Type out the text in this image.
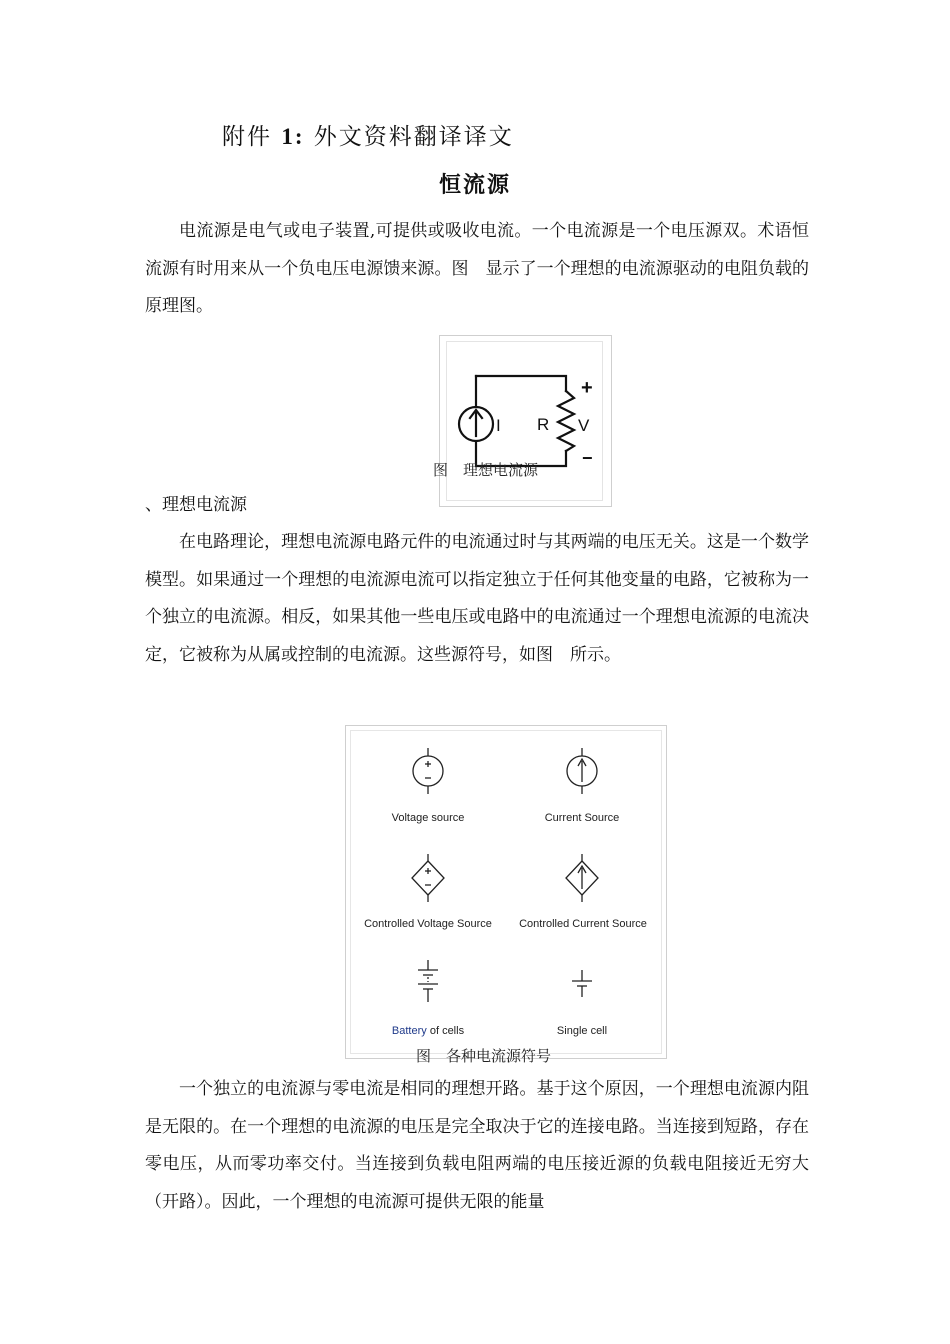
附件 1: 外文资料翻译译文
恒流源

电流源是电气或电子装置,可提供或吸收电流。一个电流源是一个电压源双。术语恒流源有时用来从一个负电压电源馈来源。图　显示了一个理想的电流源驱动的电阻负载的原理图。

I R V
+
−
图　理想电流源
、理想电流源

在电路理论，理想电流源电路元件的电流通过时与其两端的电压无关。这是一个数学模型。如果通过一个理想的电流源电流可以指定独立于任何其他变量的电路，它被称为一个独立的电流源。相反，如果其他一些电压或电路中的电流通过一个理想电流源的电流决定，它被称为从属或控制的电流源。这些源符号，如图　所示。

Voltage source	Current Source
Controlled Voltage Source Controlled Current Source
Battery of cells	Single cell
图　各种电流源符号

一个独立的电流源与零电流是相同的理想开路。基于这个原因，一个理想电流源内阻是无限的。在一个理想的电流源的电压是完全取决于它的连接电路。当连接到短路，存在零电压，从而零功率交付。当连接到负载电阻两端的电压接近源的负载电阻接近无穷大（开路）。因此，一个理想的电流源可提供无限的能量
